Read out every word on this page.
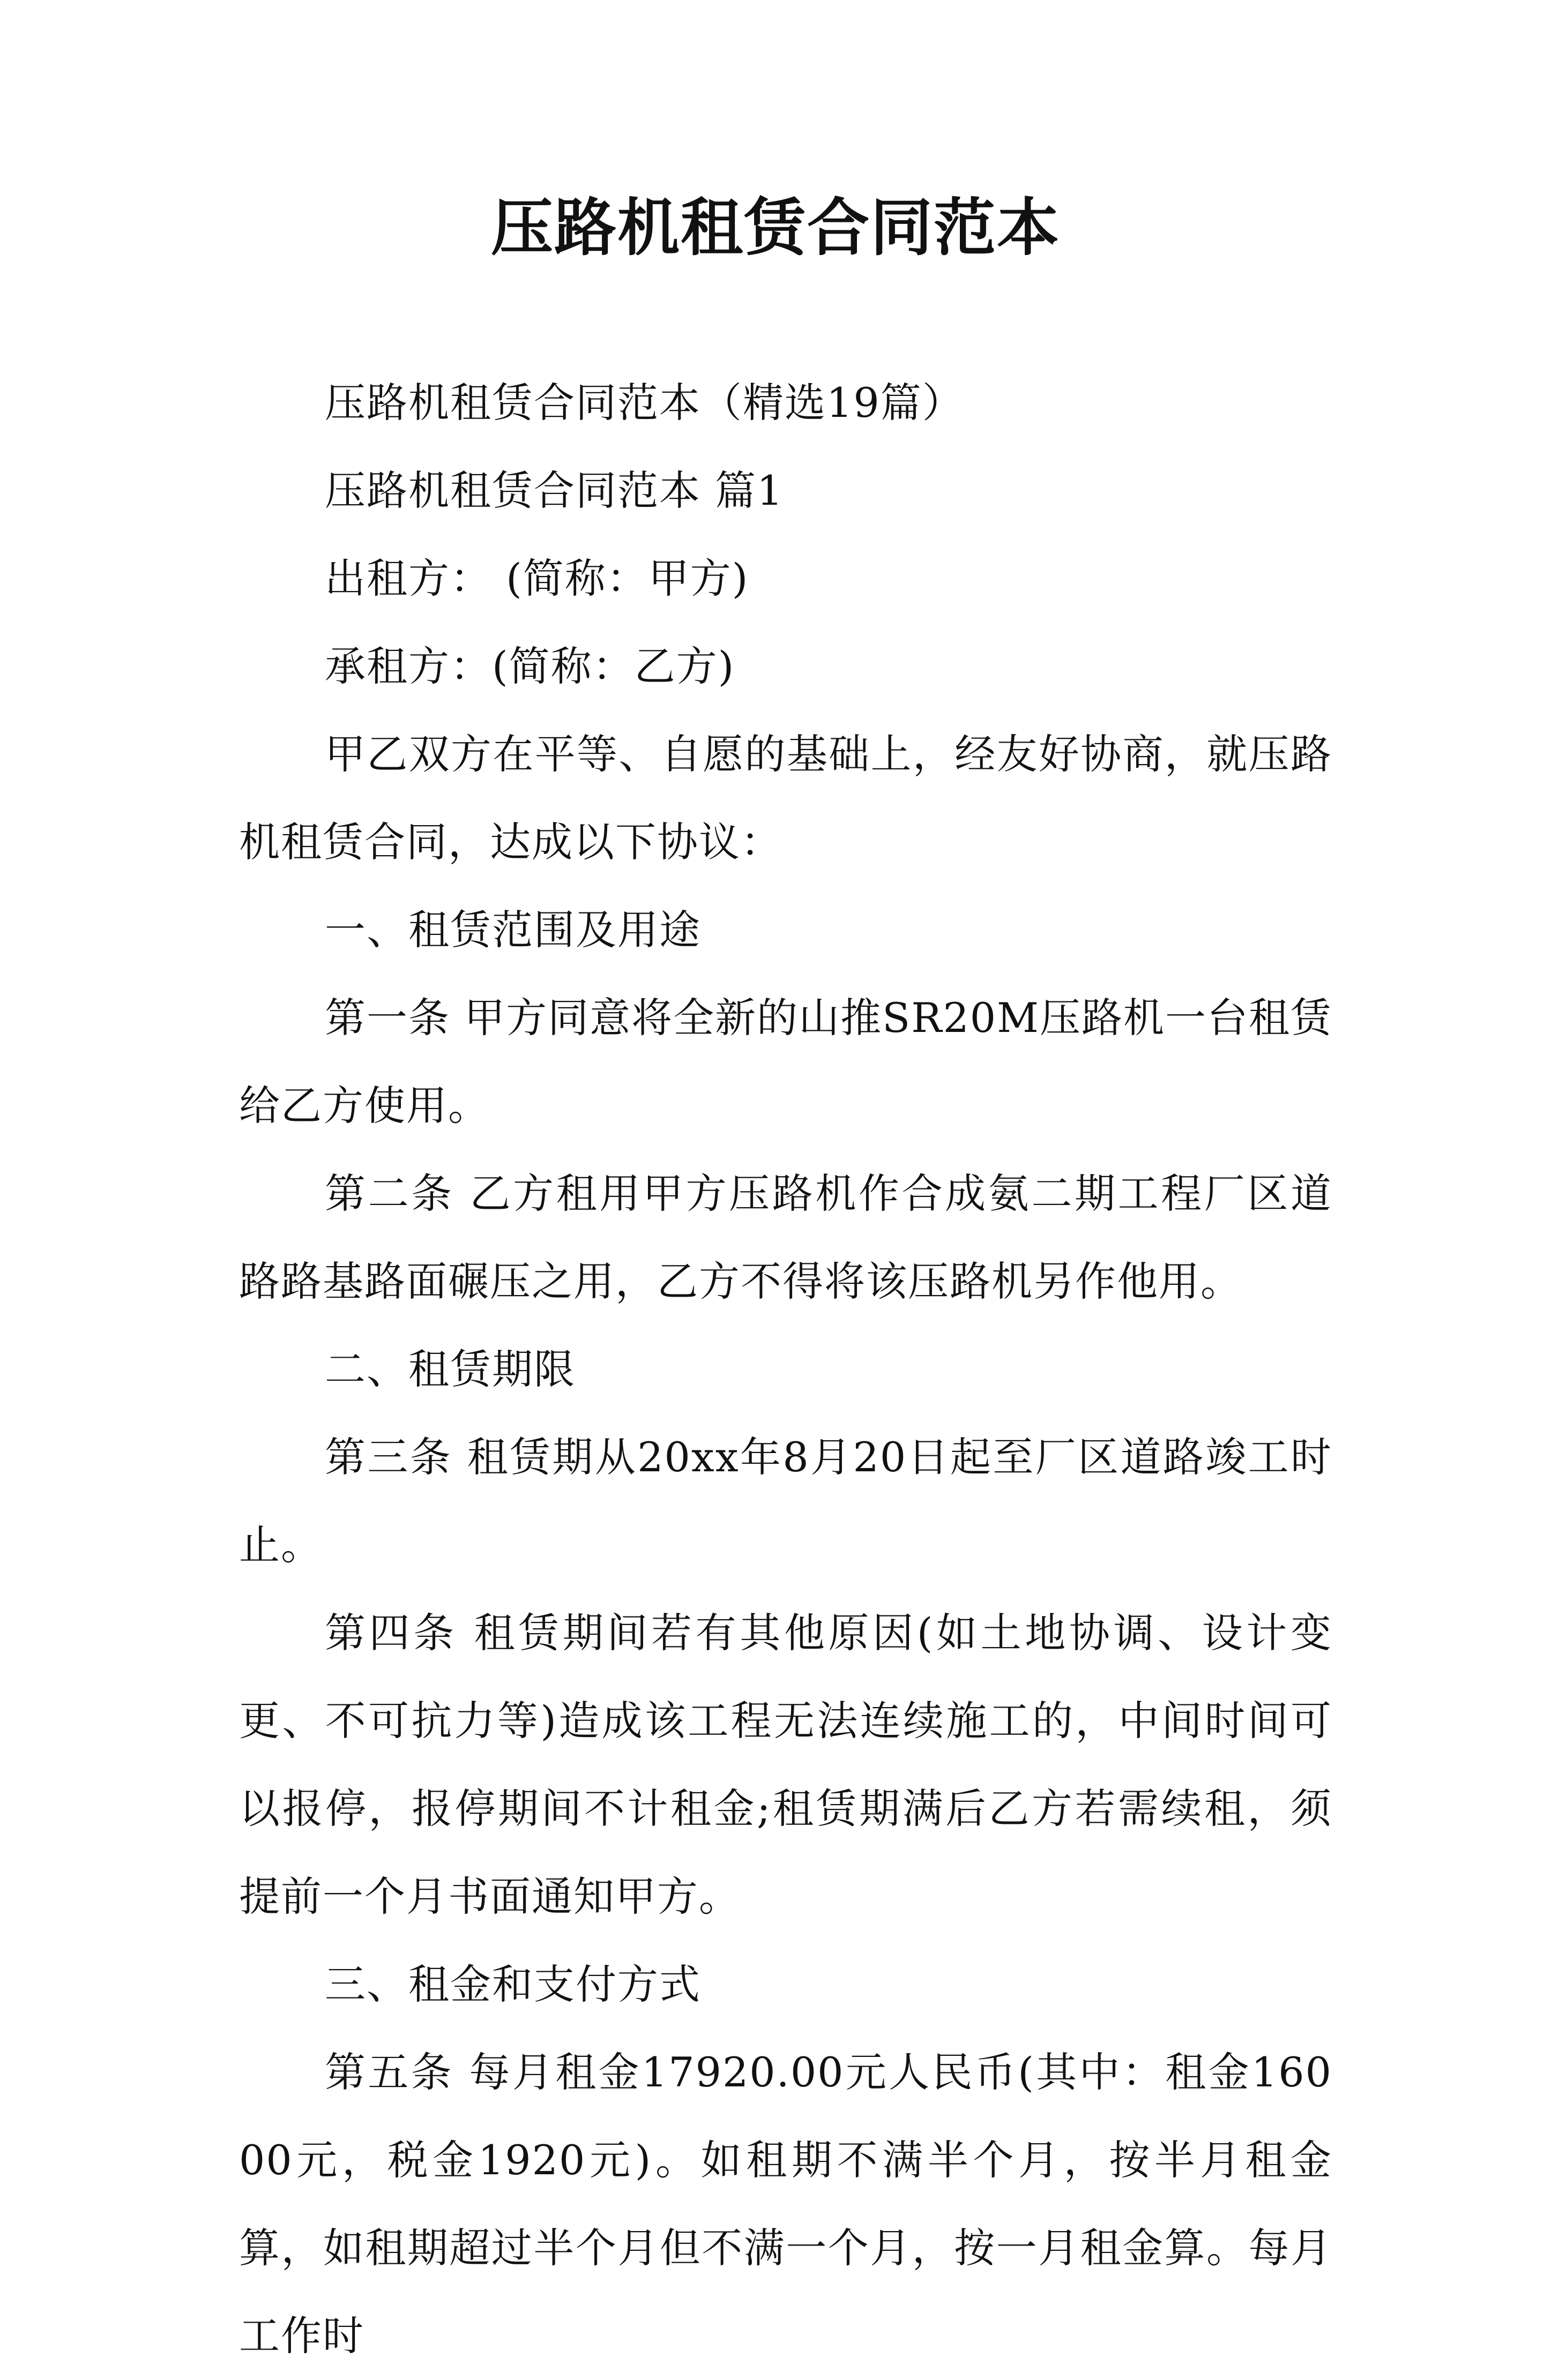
压路机租赁合同范本

压路机租赁合同范本（精选19篇）

压路机租赁合同范本 篇1

出租方： (简称：甲方)

承租方：(简称：乙方)

甲乙双方在平等、自愿的基础上，经友好协商，就压路机租赁合同，达成以下协议：

一、租赁范围及用途

第一条 甲方同意将全新的山推SR20M压路机一台租赁给乙方使用。

第二条 乙方租用甲方压路机作合成氨二期工程厂区道路路基路面碾压之用，乙方不得将该压路机另作他用。

二、租赁期限

第三条 租赁期从20xx年8月20日起至厂区道路竣工时止。

第四条 租赁期间若有其他原因(如土地协调、设计变更、不可抗力等)造成该工程无法连续施工的，中间时间可以报停，报停期间不计租金;租赁期满后乙方若需续租，须提前一个月书面通知甲方。

三、租金和支付方式

第五条 每月租金17920.00元人民币(其中：租金16000元，税金1920元)。如租期不满半个月，按半月租金算，如租期超过半个月但不满一个月，按一月租金算。每月工作时
